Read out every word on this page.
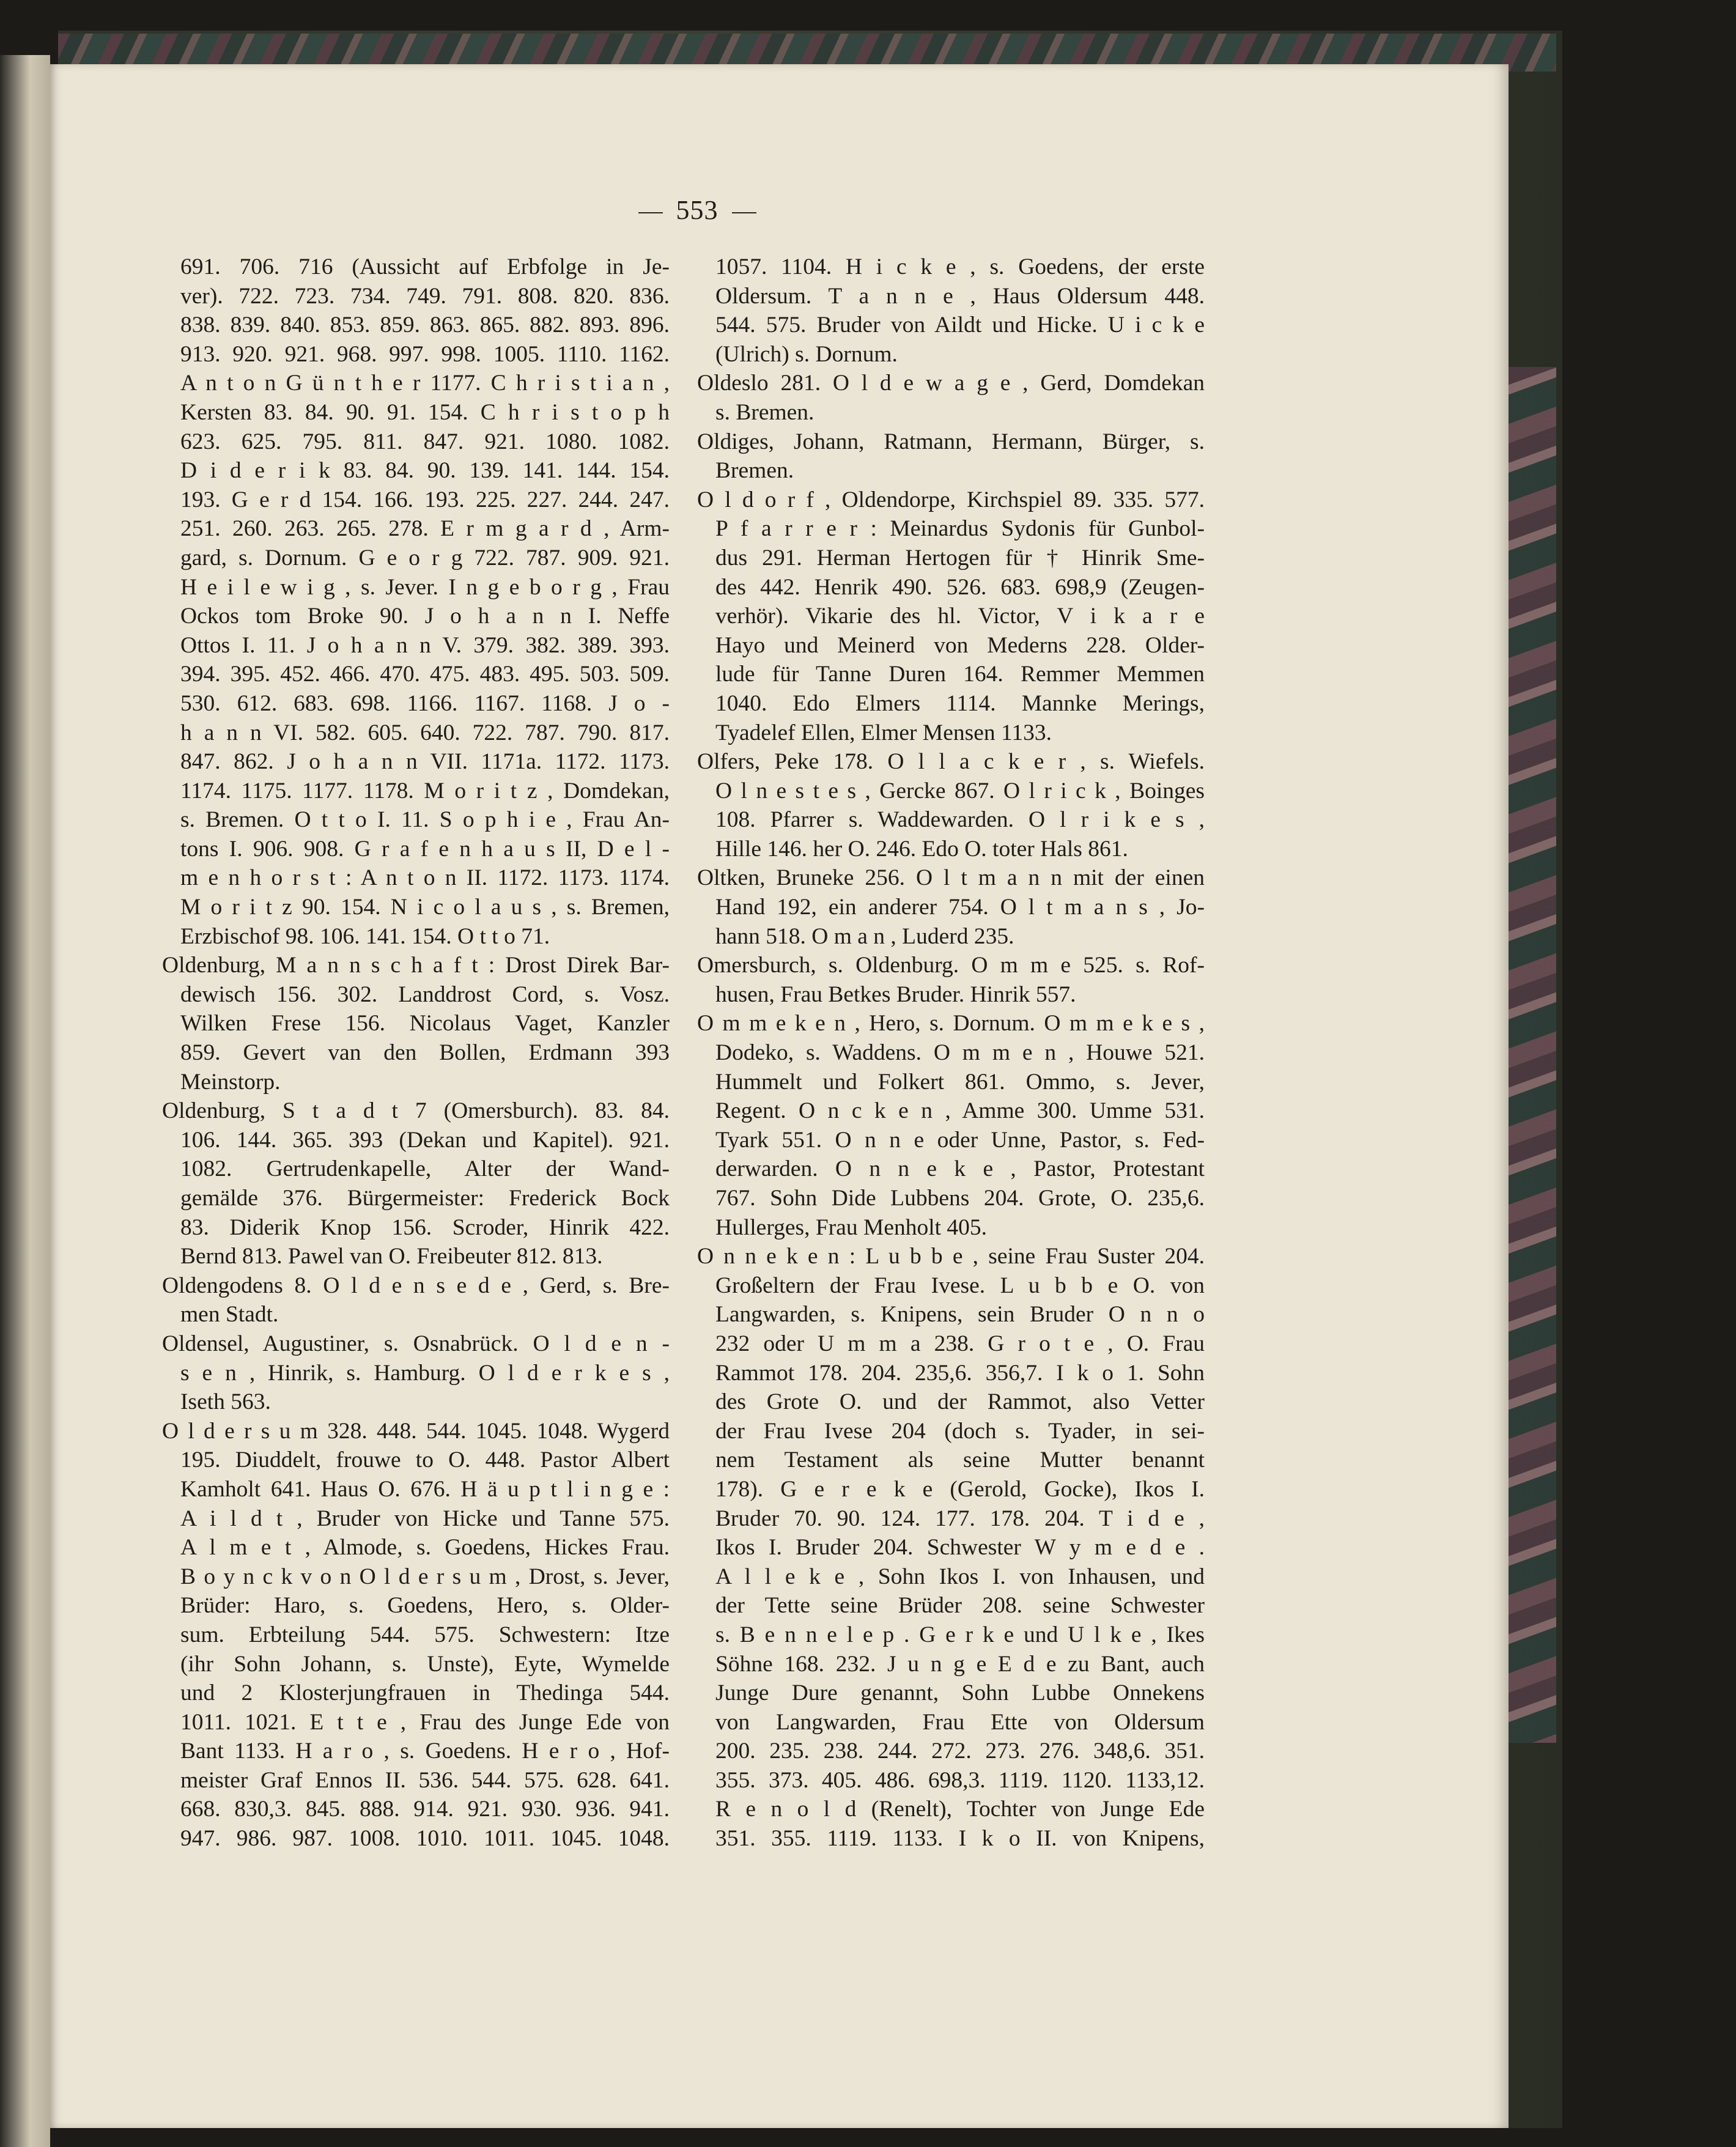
553
691. 706. 716 (Aussicht auf Erbfolge in Je-
ver). 722. 723. 734. 749. 791. 808. 820. 836.
838. 839. 840. 853. 859. 863. 865. 882. 893. 896.
913. 920. 921. 968. 997. 998. 1005. 1110. 1162.
A n t o n G ü n t h e r 1177. C h r i s t i a n ,
Kersten 83. 84. 90. 91. 154. C h r i s t o p h
623. 625. 795. 811. 847. 921. 1080. 1082.
D i d e r i k 83. 84. 90. 139. 141. 144. 154.
193. G e r d 154. 166. 193. 225. 227. 244. 247.
251. 260. 263. 265. 278. E r m g a r d , Arm-
gard, s. Dornum. G e o r g 722. 787. 909. 921.
H e i l e w i g , s. Jever. I n g e b o r g , Frau
Ockos tom Broke 90. J o h a n n I. Neffe
Ottos I. 11. J o h a n n V. 379. 382. 389. 393.
394. 395. 452. 466. 470. 475. 483. 495. 503. 509.
530. 612. 683. 698. 1166. 1167. 1168. J o -
h a n n VI. 582. 605. 640. 722. 787. 790. 817.
847. 862. J o h a n n VII. 1171a. 1172. 1173.
1174. 1175. 1177. 1178. M o r i t z , Domdekan,
s. Bremen. O t t o I. 11. S o p h i e , Frau An-
tons I. 906. 908. G r a f e n h a u s II, D e l -
m e n h o r s t : A n t o n II. 1172. 1173. 1174.
M o r i t z 90. 154. N i c o l a u s , s. Bremen,
Erzbischof 98. 106. 141. 154. O t t o 71.
Oldenburg, M a n n s c h a f t : Drost Direk Bar-
dewisch 156. 302. Landdrost Cord, s. Vosz.
Wilken Frese 156. Nicolaus Vaget, Kanzler
859. Gevert van den Bollen, Erdmann 393
Meinstorp.
Oldenburg, S t a d t 7 (Omersburch). 83. 84.
106. 144. 365. 393 (Dekan und Kapitel). 921.
1082. Gertrudenkapelle, Alter der Wand-
gemälde 376. Bürgermeister: Frederick Bock
83. Diderik Knop 156. Scroder, Hinrik 422.
Bernd 813. Pawel van O. Freibeuter 812. 813.
Oldengodens 8. O l d e n s e d e , Gerd, s. Bre-
men Stadt.
Oldensel, Augustiner, s. Osnabrück. O l d e n -
s e n , Hinrik, s. Hamburg. O l d e r k e s ,
Iseth 563.
O l d e r s u m 328. 448. 544. 1045. 1048. Wygerd
195. Diuddelt, frouwe to O. 448. Pastor Albert
Kamholt 641. Haus O. 676. H ä u p t l i n g e :
A i l d t , Bruder von Hicke und Tanne 575.
A l m e t , Almode, s. Goedens, Hickes Frau.
B o y n c k v o n O l d e r s u m , Drost, s. Jever,
Brüder: Haro, s. Goedens, Hero, s. Older-
sum. Erbteilung 544. 575. Schwestern: Itze
(ihr Sohn Johann, s. Unste), Eyte, Wymelde
und 2 Klosterjungfrauen in Thedinga 544.
1011. 1021. E t t e , Frau des Junge Ede von
Bant 1133. H a r o , s. Goedens. H e r o , Hof-
meister Graf Ennos II. 536. 544. 575. 628. 641.
668. 830,3. 845. 888. 914. 921. 930. 936. 941.
947. 986. 987. 1008. 1010. 1011. 1045. 1048.
1057. 1104. H i c k e , s. Goedens, der erste
Oldersum. T a n n e , Haus Oldersum 448.
544. 575. Bruder von Aildt und Hicke. U i c k e
(Ulrich) s. Dornum.
Oldeslo 281. O l d e w a g e , Gerd, Domdekan
s. Bremen.
Oldiges, Johann, Ratmann, Hermann, Bürger, s.
Bremen.
O l d o r f , Oldendorpe, Kirchspiel 89. 335. 577.
P f a r r e r : Meinardus Sydonis für Gunbol-
dus 291. Herman Hertogen für † Hinrik Sme-
des 442. Henrik 490. 526. 683. 698,9 (Zeugen-
verhör). Vikarie des hl. Victor, V i k a r e
Hayo und Meinerd von Mederns 228. Older-
lude für Tanne Duren 164. Remmer Memmen
1040. Edo Elmers 1114. Mannke Merings,
Tyadelef Ellen, Elmer Mensen 1133.
Olfers, Peke 178. O l l a c k e r , s. Wiefels.
O l n e s t e s , Gercke 867. O l r i c k , Boinges
108. Pfarrer s. Waddewarden. O l r i k e s ,
Hille 146. her O. 246. Edo O. toter Hals 861.
Oltken, Bruneke 256. O l t m a n n mit der einen
Hand 192, ein anderer 754. O l t m a n s , Jo-
hann 518. O m a n , Luderd 235.
Omersburch, s. Oldenburg. O m m e 525. s. Rof-
husen, Frau Betkes Bruder. Hinrik 557.
O m m e k e n , Hero, s. Dornum. O m m e k e s ,
Dodeko, s. Waddens. O m m e n , Houwe 521.
Hummelt und Folkert 861. Ommo, s. Jever,
Regent. O n c k e n , Amme 300. Umme 531.
Tyark 551. O n n e oder Unne, Pastor, s. Fed-
derwarden. O n n e k e , Pastor, Protestant
767. Sohn Dide Lubbens 204. Grote, O. 235,6.
Hullerges, Frau Menholt 405.
O n n e k e n : L u b b e , seine Frau Suster 204.
Großeltern der Frau Ivese. L u b b e O. von
Langwarden, s. Knipens, sein Bruder O n n o
232 oder U m m a 238. G r o t e , O. Frau
Rammot 178. 204. 235,6. 356,7. I k o 1. Sohn
des Grote O. und der Rammot, also Vetter
der Frau Ivese 204 (doch s. Tyader, in sei-
nem Testament als seine Mutter benannt
178). G e r e k e (Gerold, Gocke), Ikos I.
Bruder 70. 90. 124. 177. 178. 204. T i d e ,
Ikos I. Bruder 204. Schwester W y m e d e .
A l l e k e , Sohn Ikos I. von Inhausen, und
der Tette seine Brüder 208. seine Schwester
s. B e n n e l e p . G e r k e und U l k e , Ikes
Söhne 168. 232. J u n g e E d e zu Bant, auch
Junge Dure genannt, Sohn Lubbe Onnekens
von Langwarden, Frau Ette von Oldersum
200. 235. 238. 244. 272. 273. 276. 348,6. 351.
355. 373. 405. 486. 698,3. 1119. 1120. 1133,12.
R e n o l d (Renelt), Tochter von Junge Ede
351. 355. 1119. 1133. I k o II. von Knipens,
